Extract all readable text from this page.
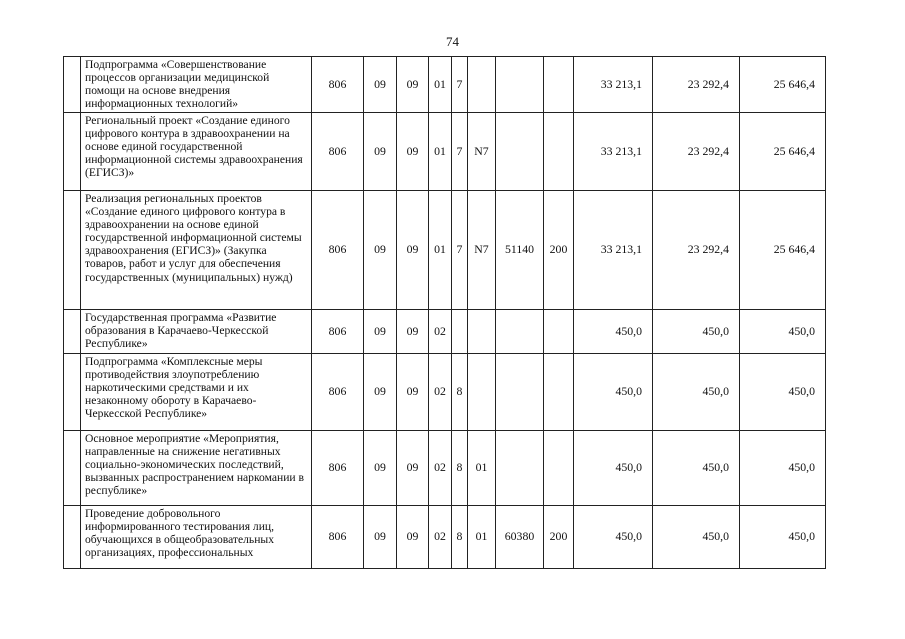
74
	Подпрограмма «Совершенствование процессов организации медицинской помощи на основе внедрения информационных технологий»	806	09	09	01	7				33 213,1	23 292,4	25 646,4
	Региональный проект «Создание единого цифрового контура в здравоохранении на основе единой государственной информационной системы здравоохранения (ЕГИСЗ)»	806	09	09	01	7	N7			33 213,1	23 292,4	25 646,4
	Реализация региональных проектов «Создание единого цифрового контура в здравоохранении на основе единой государственной информационной системы здравоохранения (ЕГИСЗ)» (Закупка товаров, работ и услуг для обеспечения государственных (муниципальных) нужд)	806	09	09	01	7	N7	51140	200	33 213,1	23 292,4	25 646,4
	Государственная программа «Развитие образования в Карачаево-Черкесской Республике»	806	09	09	02					450,0	450,0	450,0
	Подпрограмма «Комплексные меры противодействия злоупотреблению наркотическими средствами и их незаконному обороту в Карачаево-Черкесской Республике»	806	09	09	02	8				450,0	450,0	450,0
	Основное мероприятие «Мероприятия, направленные на снижение негативных социально-экономических последствий, вызванных распространением наркомании в республике»	806	09	09	02	8	01			450,0	450,0	450,0
	Проведение добровольного информированного тестирования лиц, обучающихся в общеобразовательных организациях, профессиональных	806	09	09	02	8	01	60380	200	450,0	450,0	450,0
